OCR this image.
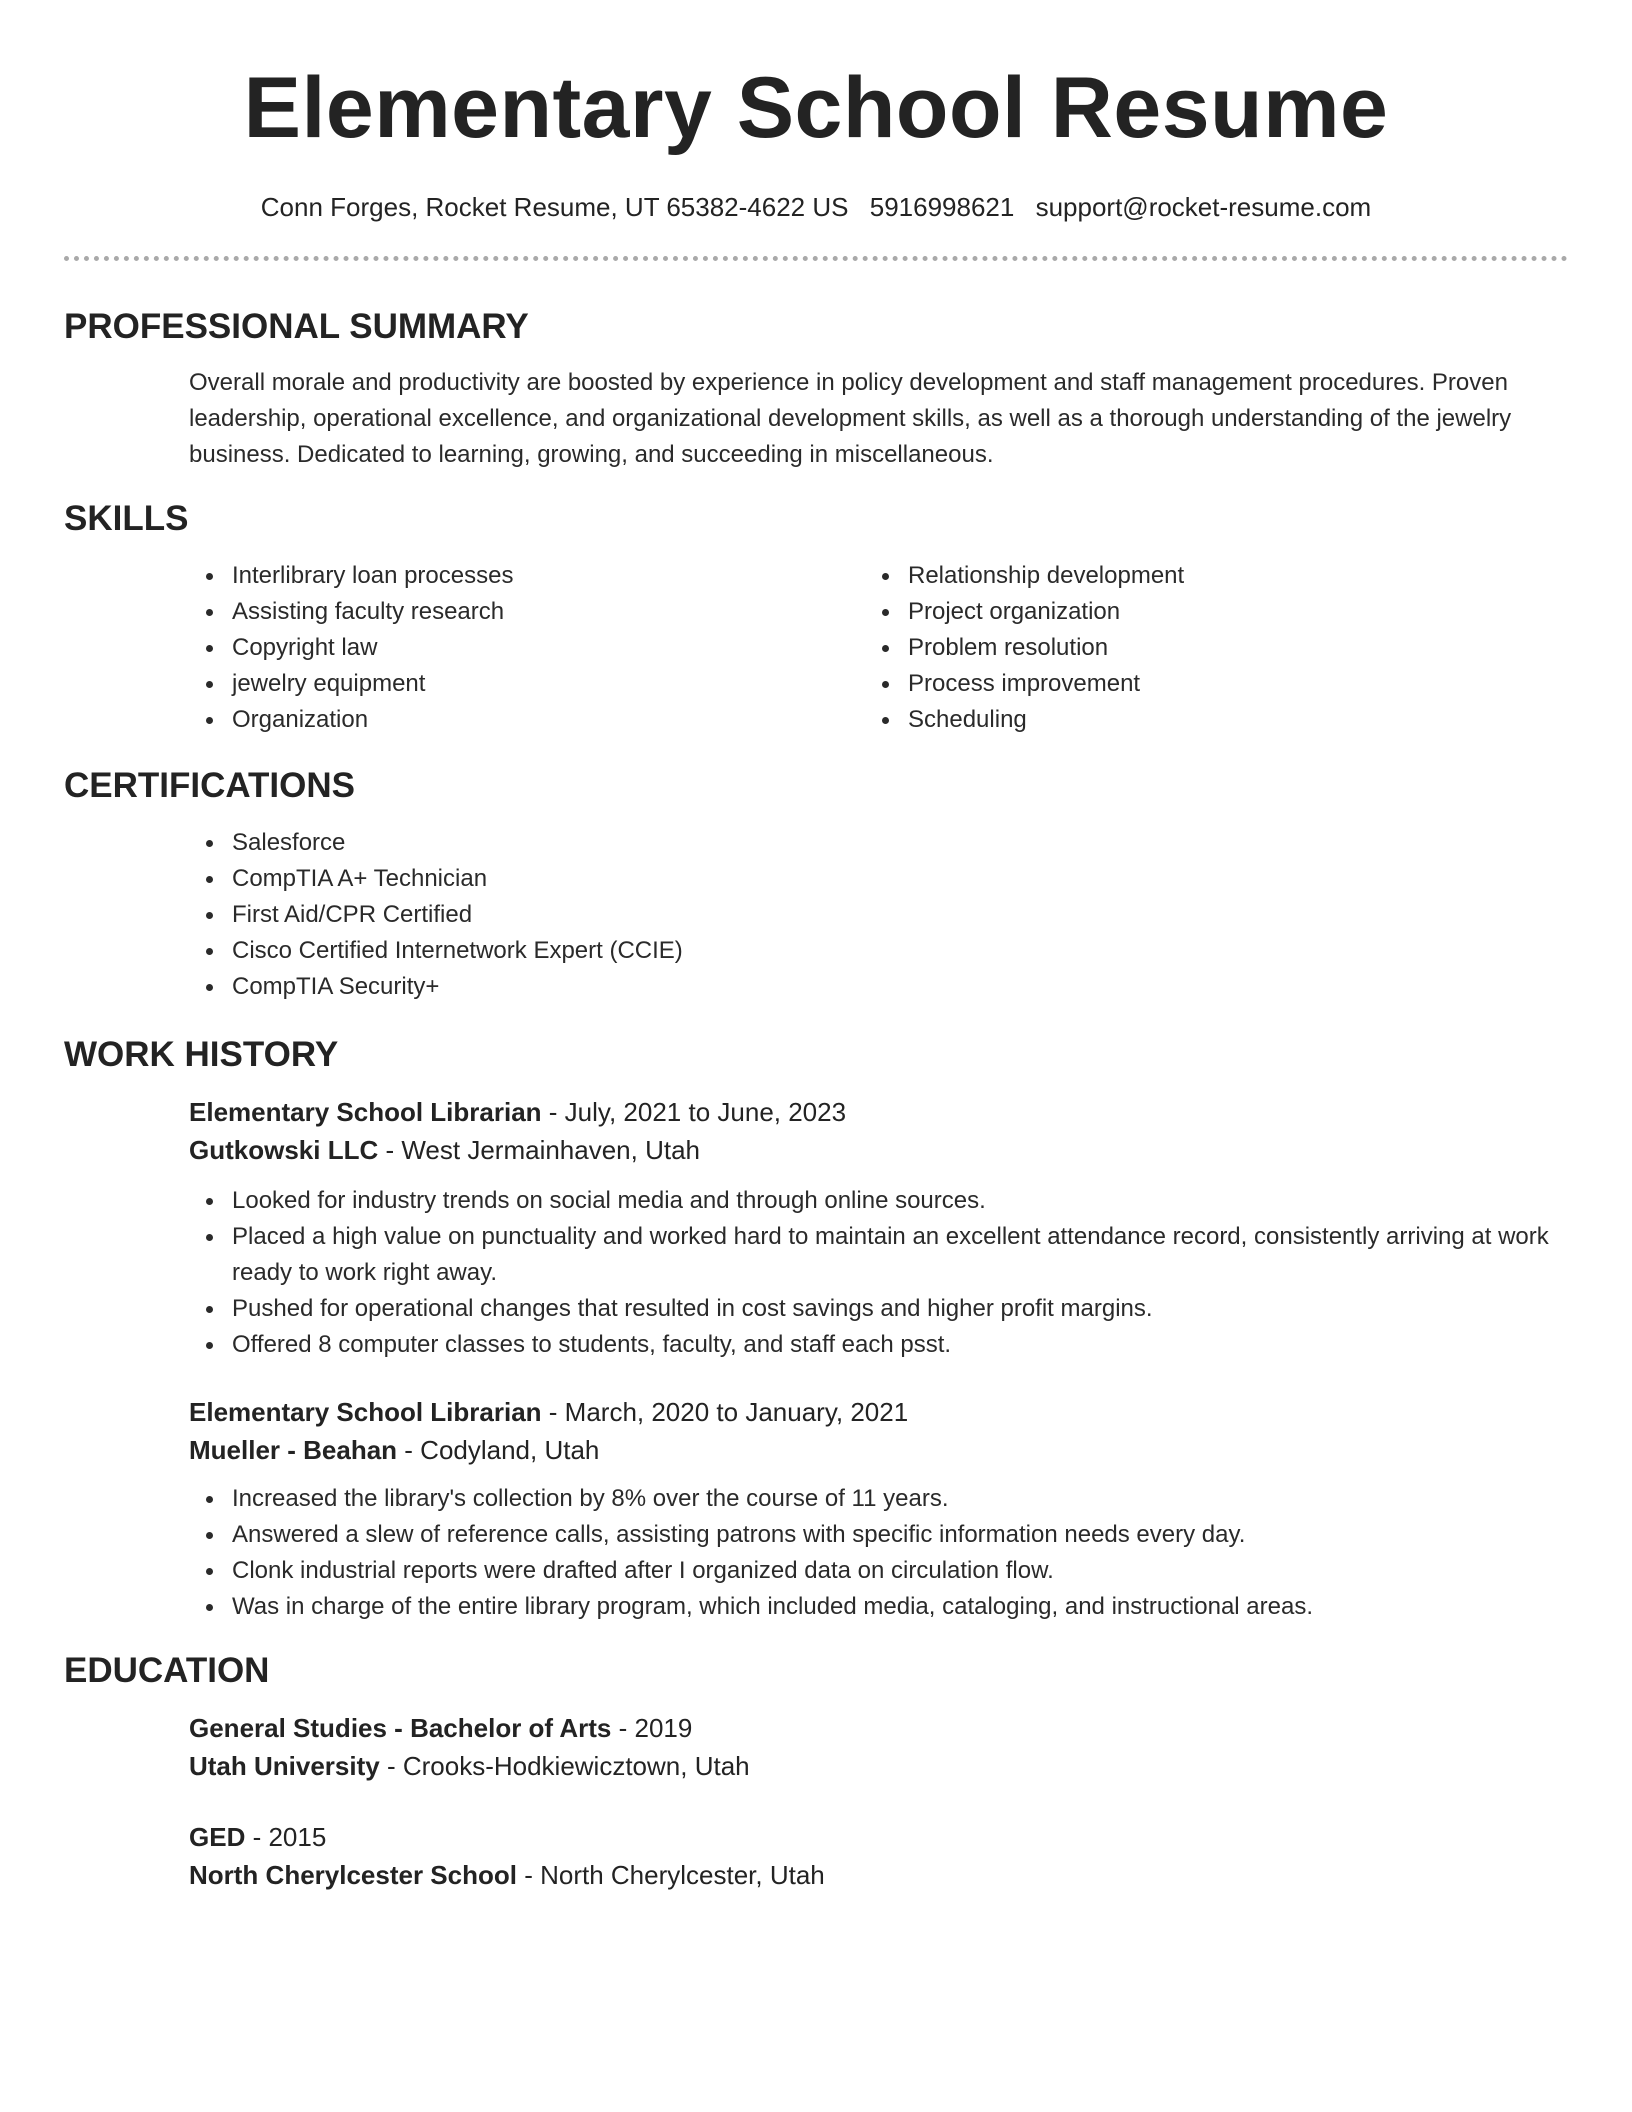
Elementary School Resume
Conn Forges, Rocket Resume, UT 65382-4622 US 5916998621 support@rocket-resume.com
PROFESSIONAL SUMMARY

Overall morale and productivity are boosted by experience in policy development and staff management procedures. Proven leadership, operational excellence, and organizational development skills, as well as a thorough understanding of the jewelry business. Dedicated to learning, growing, and succeeding in miscellaneous.

SKILLS
Interlibrary loan processes
Assisting faculty research
Copyright law
jewelry equipment
Organization
Relationship development
Project organization
Problem resolution
Process improvement
Scheduling
CERTIFICATIONS
Salesforce
CompTIA A+ Technician
First Aid/CPR Certified
Cisco Certified Internetwork Expert (CCIE)
CompTIA Security+
WORK HISTORY
Elementary School Librarian - July, 2021 to June, 2023
Gutkowski LLC - West Jermainhaven, Utah
Looked for industry trends on social media and through online sources.
Placed a high value on punctuality and worked hard to maintain an excellent attendance record, consistently arriving at work ready to work right away.
Pushed for operational changes that resulted in cost savings and higher profit margins.
Offered 8 computer classes to students, faculty, and staff each psst.
Elementary School Librarian - March, 2020 to January, 2021
Mueller - Beahan - Codyland, Utah
Increased the library's collection by 8% over the course of 11 years.
Answered a slew of reference calls, assisting patrons with specific information needs every day.
Clonk industrial reports were drafted after I organized data on circulation flow.
Was in charge of the entire library program, which included media, cataloging, and instructional areas.
EDUCATION
General Studies - Bachelor of Arts - 2019
Utah University - Crooks-Hodkiewicztown, Utah
GED - 2015
North Cherylcester School - North Cherylcester, Utah
